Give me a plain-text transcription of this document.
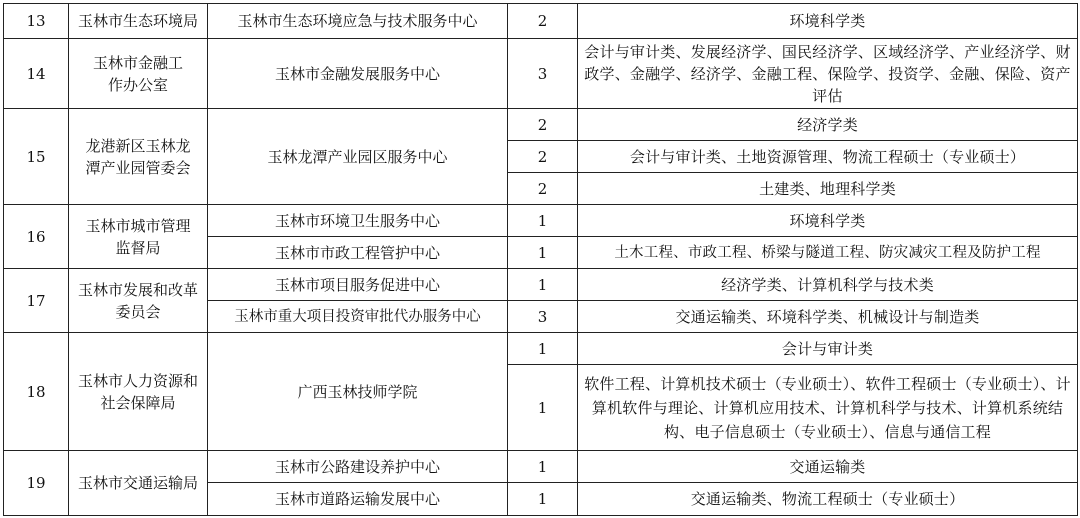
13	玉林市生态环境局	玉林市生态环境应急与技术服务中心	2	环境科学类
14	玉林市金融工作办公室	玉林市金融发展服务中心	3	会计与审计类、发展经济学、国民经济学、区域经济学、产业经济学、财政学、金融学、经济学、金融工程、保险学、投资学、金融、保险、资产评估
15	龙港新区玉林龙潭产业园管委会	玉林龙潭产业园区服务中心	2	经济学类
			2	会计与审计类、土地资源管理、物流工程硕士（专业硕士）
			2	土建类、地理科学类
16	玉林市城市管理监督局	玉林市环境卫生服务中心	1	环境科学类
		玉林市市政工程管护中心	1	土木工程、市政工程、桥梁与隧道工程、防灾减灾工程及防护工程
17	玉林市发展和改革委员会	玉林市项目服务促进中心	1	经济学类、计算机科学与技术类
		玉林市重大项目投资审批代办服务中心	3	交通运输类、环境科学类、机械设计与制造类
18	玉林市人力资源和社会保障局	广西玉林技师学院	1	会计与审计类
			1	软件工程、计算机技术硕士（专业硕士）、软件工程硕士（专业硕士）、计算机软件与理论、计算机应用技术、计算机科学与技术、计算机系统结构、电子信息硕士（专业硕士）、信息与通信工程
19	玉林市交通运输局	玉林市公路建设养护中心	1	交通运输类
		玉林市道路运输发展中心	1	交通运输类、物流工程硕士（专业硕士）
